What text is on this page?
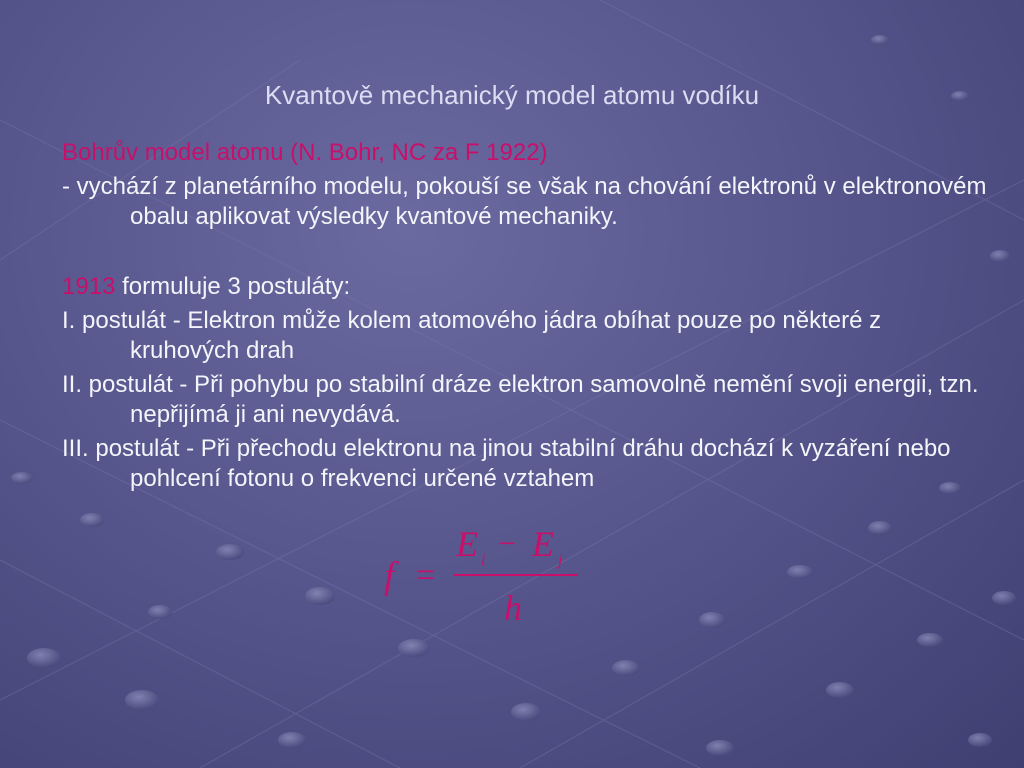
Kvantově mechanický model atomu vodíku

Bohrův model atomu (N. Bohr, NC za F 1922)

- vychází z planetárního modelu, pokouší se však na chování elektronů v elektronovém obalu aplikovat výsledky kvantové mechaniky.

1913 formuluje 3 postuláty:

I. postulát - Elektron může kolem atomového jádra obíhat pouze po některé z kruhových drah

II. postulát - Při pohybu po stabilní dráze elektron samovolně nemění svoji energii, tzn. nepřijímá ji ani nevydává.

III. postulát - Při přechodu elektronu na jinou stabilní dráhu dochází k vyzáření nebo pohlcení fotonu o frekvenci určené vztahem

f =
E i − E j
h
